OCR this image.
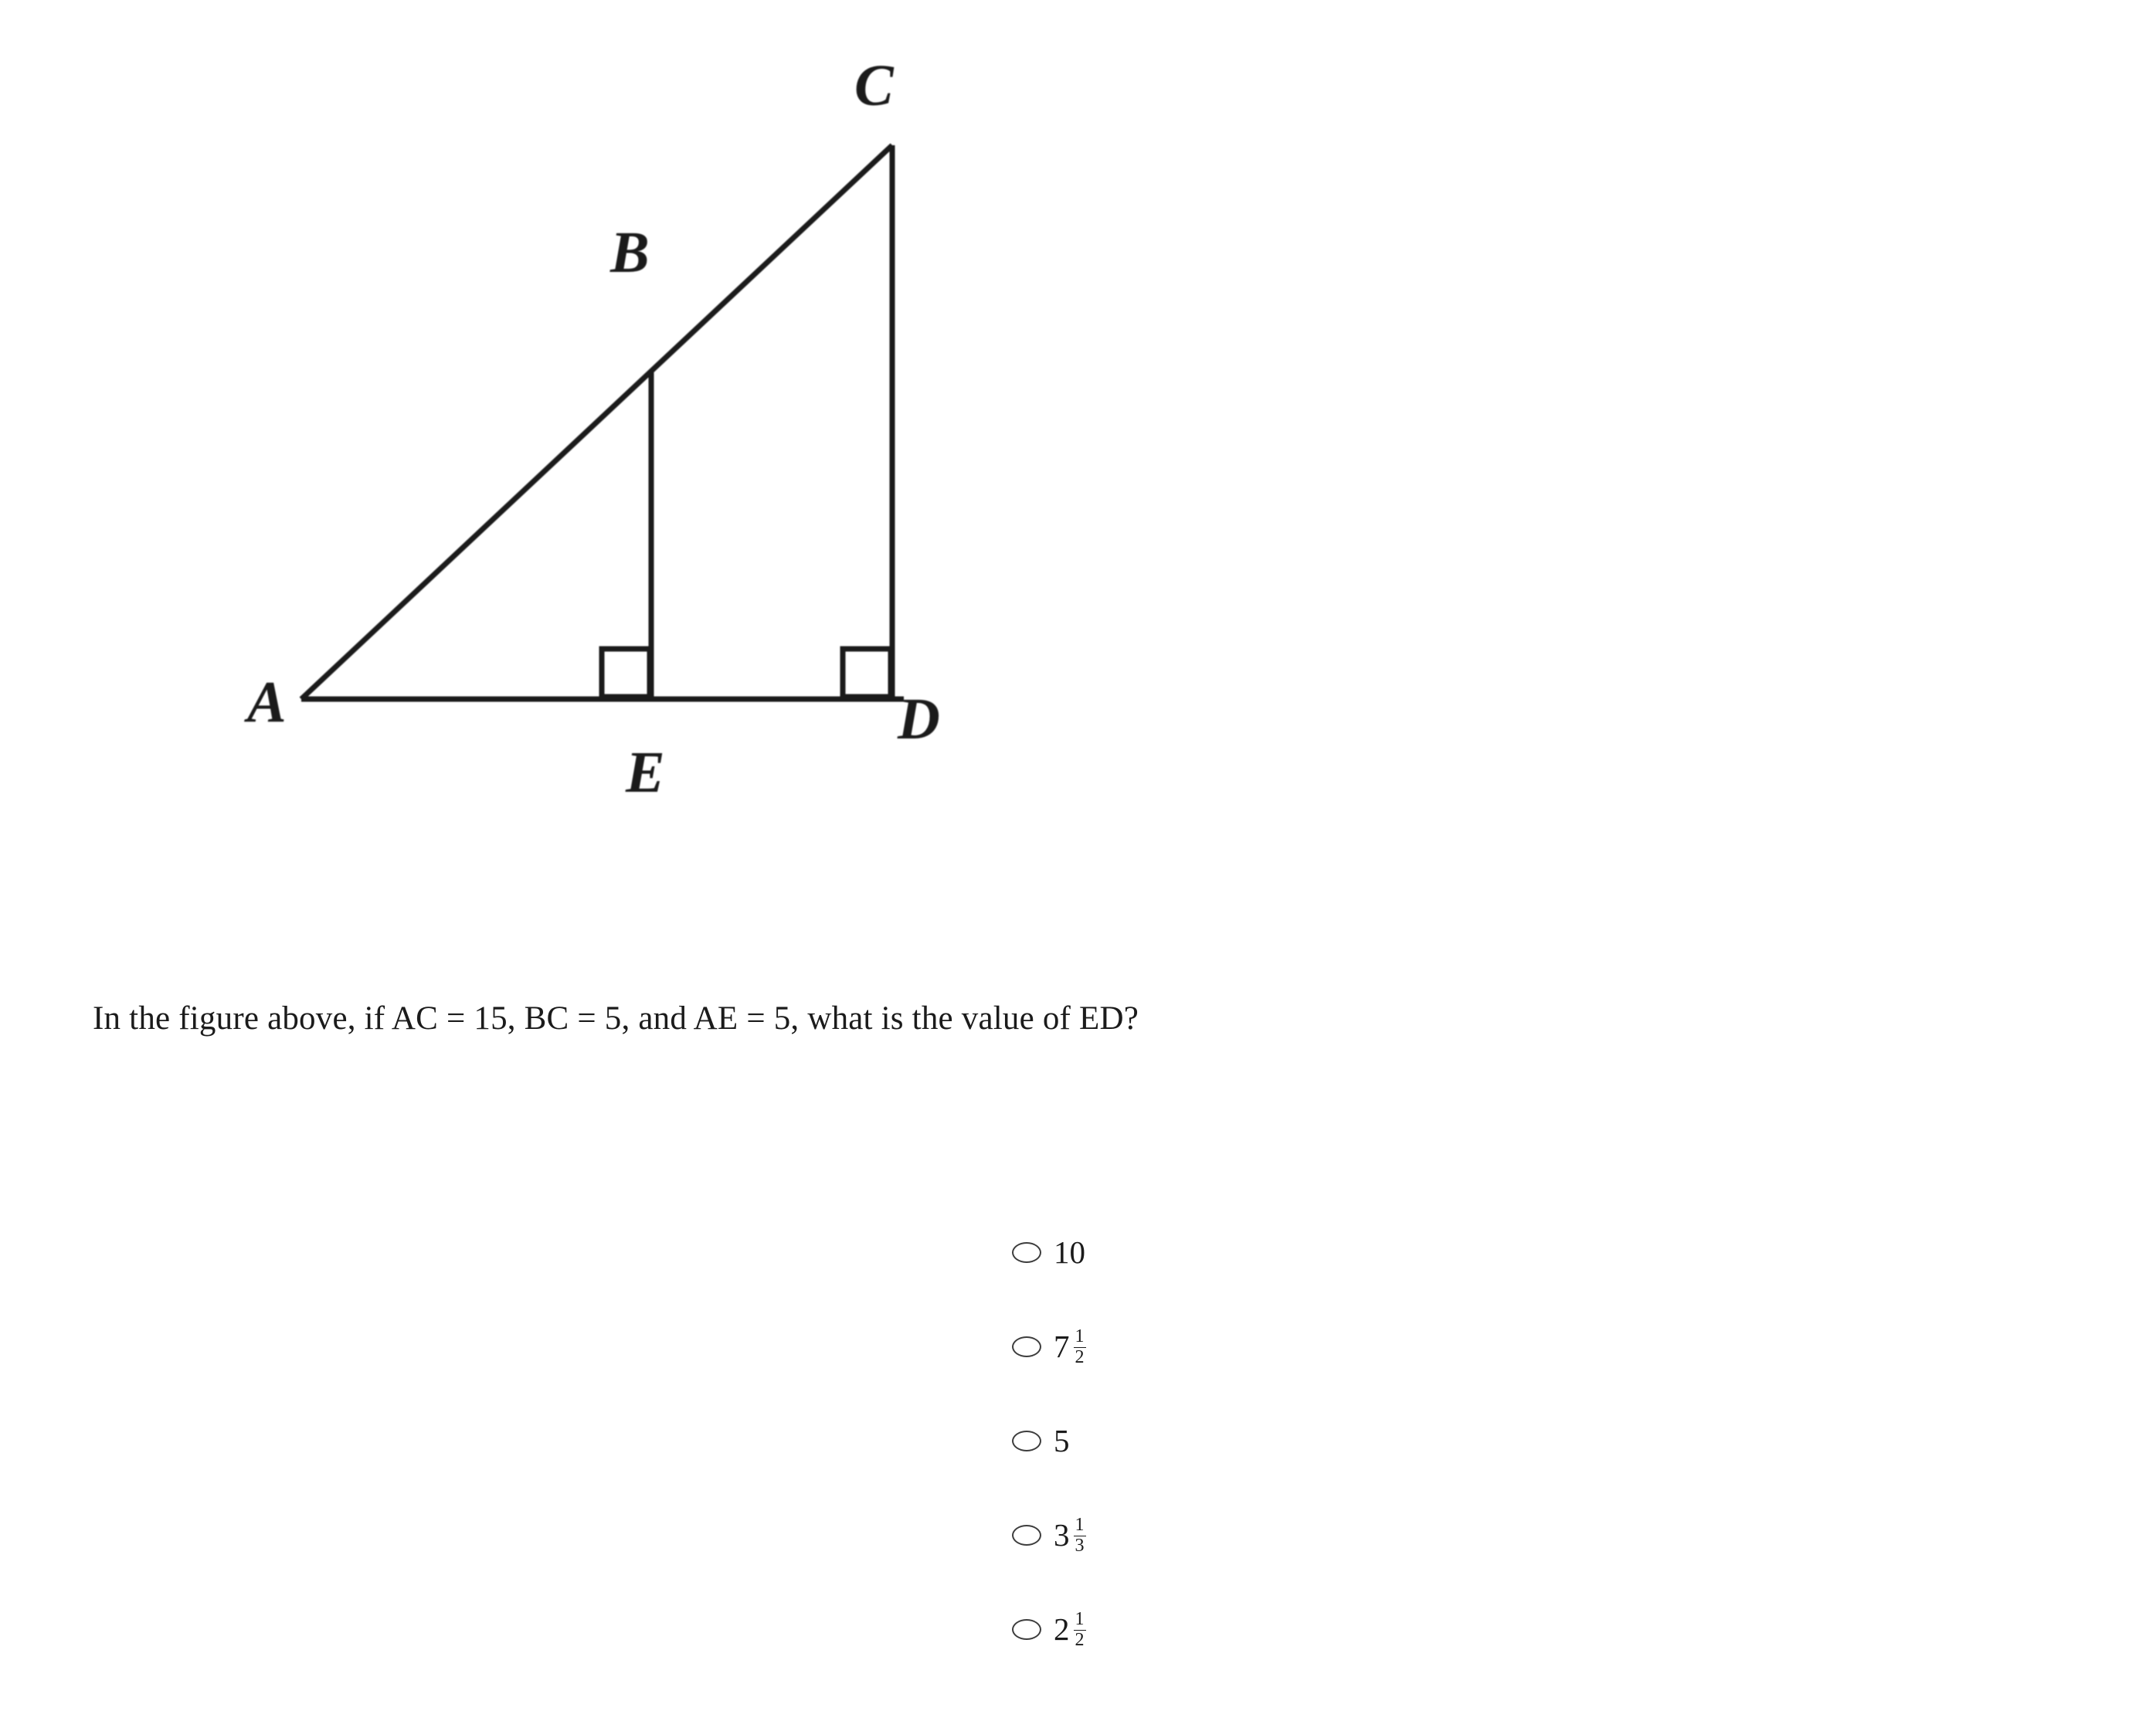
C
B
A
E
D
In the figure above, if AC = 15, BC = 5, and AE = 5, what is the value of ED?
10
$7 \frac{1}{2}$
5
$3 \frac{1}{3}$
$2 \frac{1}{2}$
